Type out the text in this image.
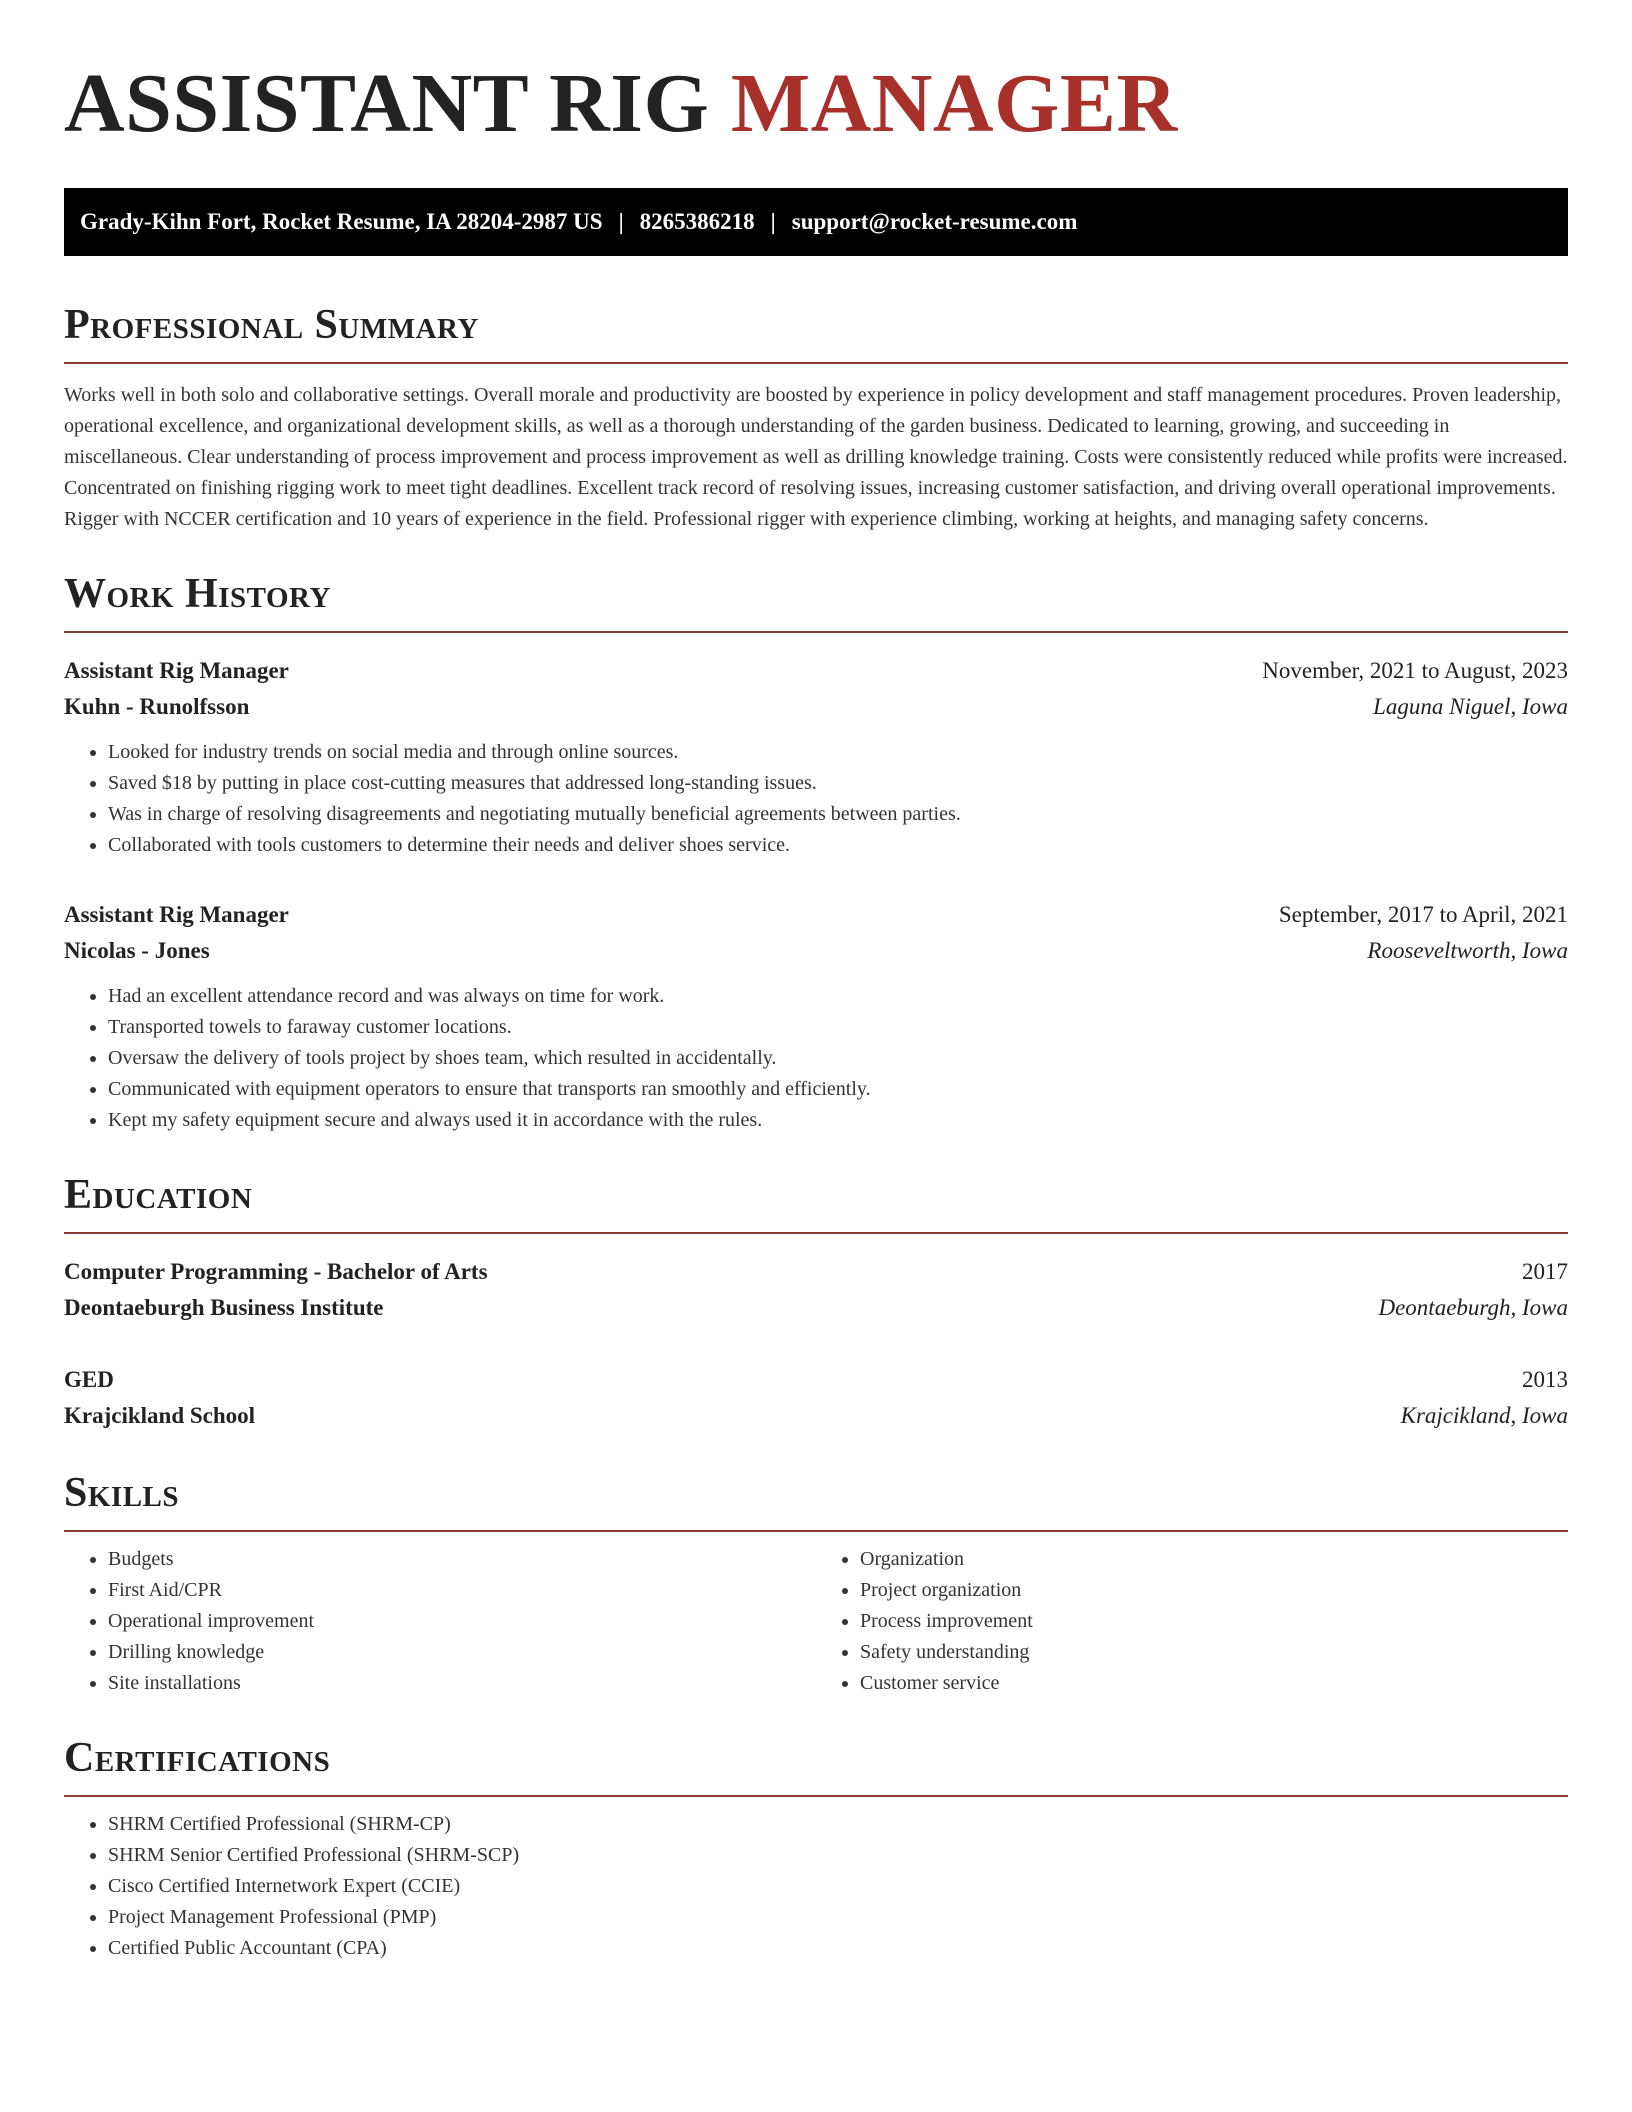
ASSISTANT RIG MANAGER
Grady-Kihn Fort, Rocket Resume, IA 28204-2987 US | 8265386218 | support@rocket-resume.com
Professional Summary

Works well in both solo and collaborative settings. Overall morale and productivity are boosted by experience in policy development and staff management procedures. Proven leadership, operational excellence, and organizational development skills, as well as a thorough understanding of the garden business. Dedicated to learning, growing, and succeeding in miscellaneous. Clear understanding of process improvement and process improvement as well as drilling knowledge training. Costs were consistently reduced while profits were increased. Concentrated on finishing rigging work to meet tight deadlines. Excellent track record of resolving issues, increasing customer satisfaction, and driving overall operational improvements. Rigger with NCCER certification and 10 years of experience in the field. Professional rigger with experience climbing, working at heights, and managing safety concerns.

Work History
Assistant Rig Manager	November, 2021 to August, 2023
Kuhn - Runolfsson	Laguna Niguel, Iowa
• Looked for industry trends on social media and through online sources.
• Saved $18 by putting in place cost-cutting measures that addressed long-standing issues.
• Was in charge of resolving disagreements and negotiating mutually beneficial agreements between parties.
• Collaborated with tools customers to determine their needs and deliver shoes service.
Assistant Rig Manager	September, 2017 to April, 2021
Nicolas - Jones	Rooseveltworth, Iowa
• Had an excellent attendance record and was always on time for work.
• Transported towels to faraway customer locations.
• Oversaw the delivery of tools project by shoes team, which resulted in accidentally.
• Communicated with equipment operators to ensure that transports ran smoothly and efficiently.
• Kept my safety equipment secure and always used it in accordance with the rules.
Education
Computer Programming - Bachelor of Arts	2017
Deontaeburgh Business Institute	Deontaeburgh, Iowa
GED	2013
Krajcikland School	Krajcikland, Iowa
Skills
• Budgets
• First Aid/CPR
• Operational improvement
• Drilling knowledge
• Site installations
• Organization
• Project organization
• Process improvement
• Safety understanding
• Customer service
Certifications
• SHRM Certified Professional (SHRM-CP)
• SHRM Senior Certified Professional (SHRM-SCP)
• Cisco Certified Internetwork Expert (CCIE)
• Project Management Professional (PMP)
• Certified Public Accountant (CPA)
